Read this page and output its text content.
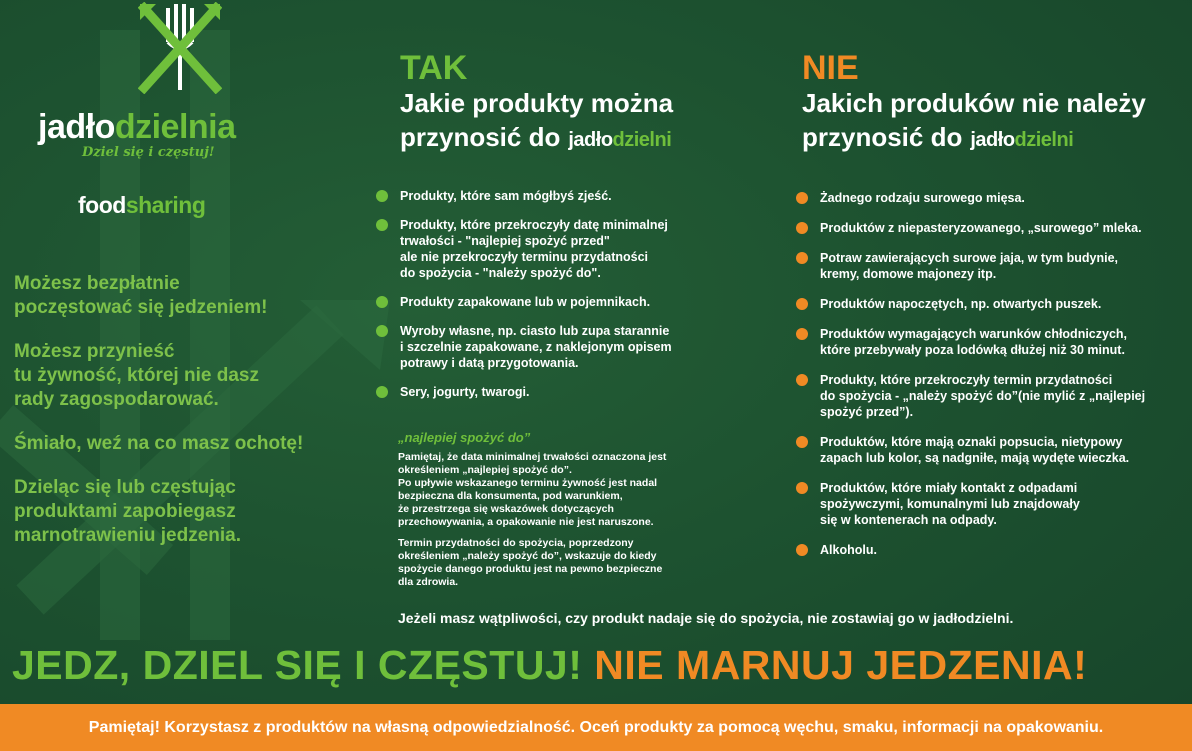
jadłodzielnia
Dziel się i częstuj!
foodsharing
Możesz bezpłatnie
poczęstować się jedzeniem!
Możesz przynieść
tu żywność, której nie dasz
rady zagospodarować.
Śmiało, weź na co masz ochotę!
Dzieląc się lub częstując
produktami zapobiegasz
marnotrawieniu jedzenia.
TAK
Jakie produkty można
przynosić do jadłodzielni
Produkty, które sam mógłbyś zjeść.
Produkty, które przekroczyły datę minimalnej
trwałości - "najlepiej spożyć przed"
ale nie przekroczyły terminu przydatności
do spożycia - "należy spożyć do".
Produkty zapakowane lub w pojemnikach.
Wyroby własne, np. ciasto lub zupa starannie
i szczelnie zapakowane, z naklejonym opisem
potrawy i datą przygotowania.
Sery, jogurty, twarogi.
„najlepiej spożyć do”
Pamiętaj, że data minimalnej trwałości oznaczona jest
określeniem „najlepiej spożyć do”.
Po upływie wskazanego terminu żywność jest nadal
bezpieczna dla konsumenta, pod warunkiem,
że przestrzega się wskazówek dotyczących
przechowywania, a opakowanie nie jest naruszone.
Termin przydatności do spożycia, poprzedzony
określeniem „należy spożyć do”, wskazuje do kiedy
spożycie danego produktu jest na pewno bezpieczne
dla zdrowia.
NIE
Jakich produków nie należy
przynosić do jadłodzielni
Żadnego rodzaju surowego mięsa.
Produktów z niepasteryzowanego, „surowego” mleka.
Potraw zawierających surowe jaja, w tym budynie,
kremy, domowe majonezy itp.
Produktów napoczętych, np. otwartych puszek.
Produktów wymagających warunków chłodniczych,
które przebywały poza lodówką dłużej niż 30 minut.
Produkty, które przekroczyły termin przydatności
do spożycia - „należy spożyć do”(nie mylić z „najlepiej
spożyć przed”).
Produktów, które mają oznaki popsucia, nietypowy
zapach lub kolor, są nadgniłe, mają wydęte wieczka.
Produktów, które miały kontakt z odpadami
spożywczymi, komunalnymi lub znajdowały
się w kontenerach na odpady.
Alkoholu.
Jeżeli masz wątpliwości, czy produkt nadaje się do spożycia, nie zostawiaj go w jadłodzielni.
JEDZ, DZIEL SIĘ I CZĘSTUJ! NIE MARNUJ JEDZENIA!
Pamiętaj! Korzystasz z produktów na własną odpowiedzialność. Oceń produkty za pomocą węchu, smaku, informacji na opakowaniu.
